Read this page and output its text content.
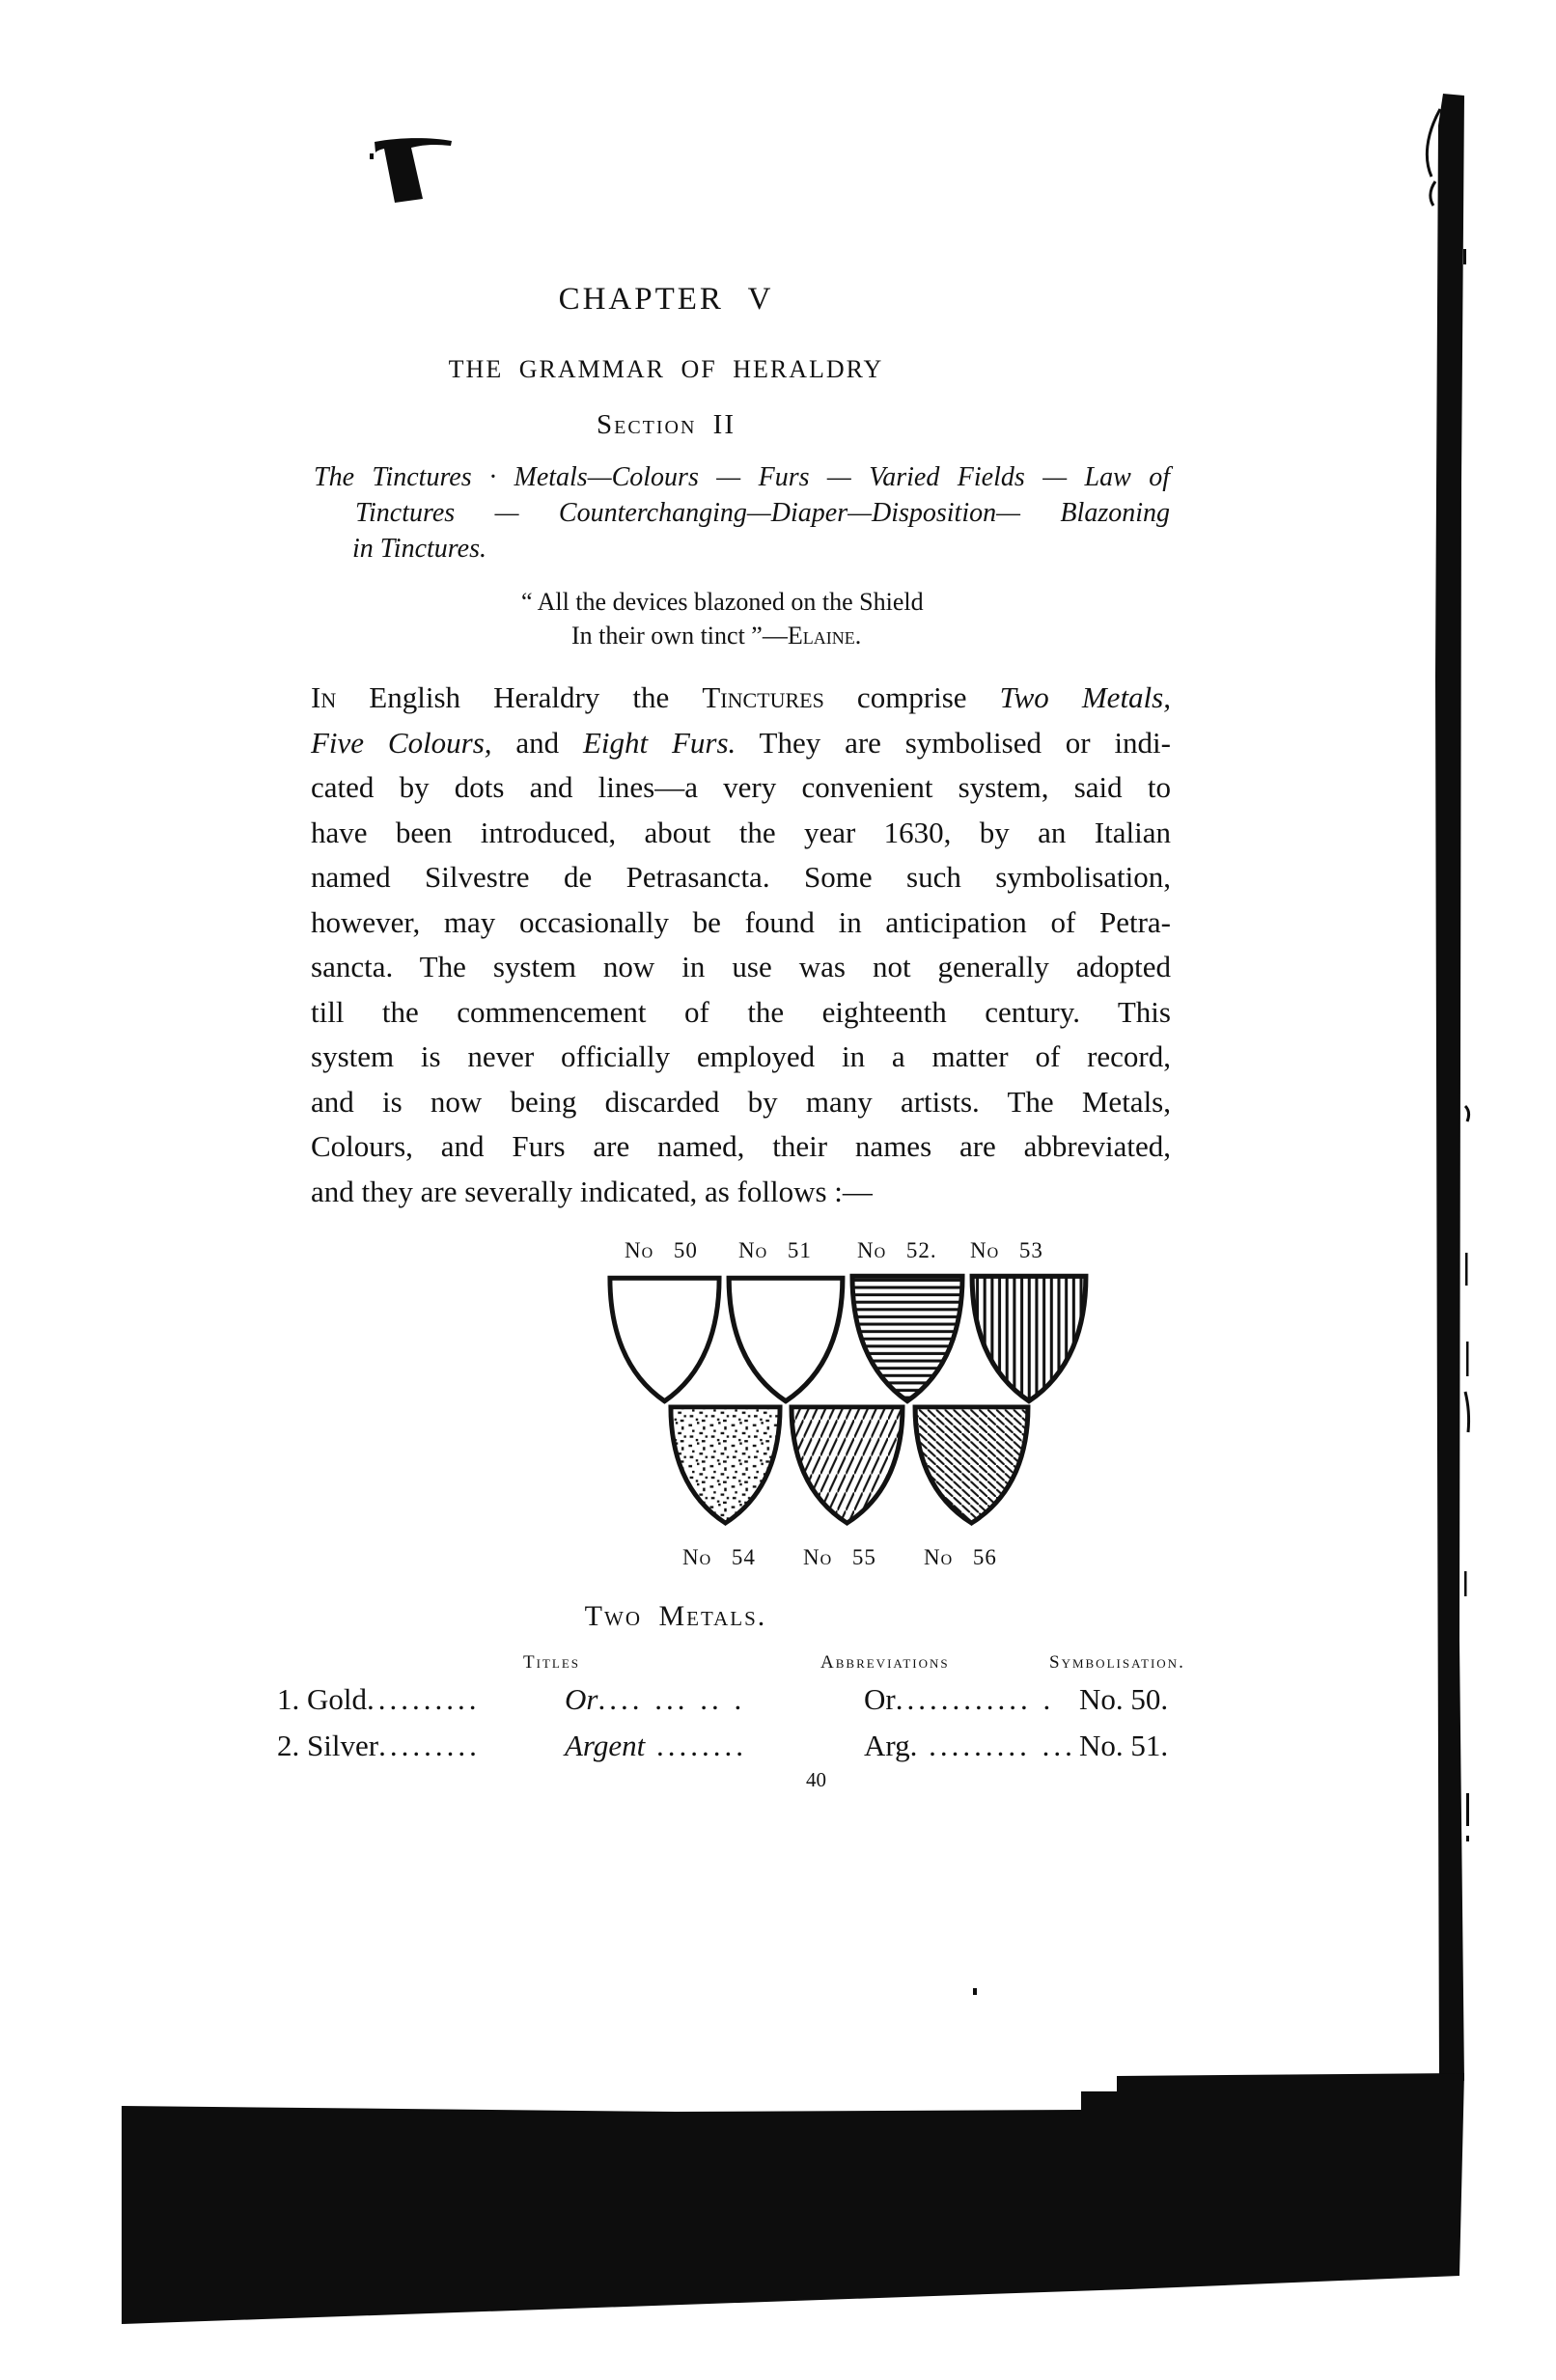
CHAPTER V
THE GRAMMAR OF HERALDRY
Section II
The Tinctures · Metals—Colours — Furs — Varied Fields — Law of
Tinctures — Counterchanging—Diaper—Disposition— Blazoning
in Tinctures.
“ All the devices blazoned on the Shield
In their own tinct ”—Elaine.
In English Heraldry the Tinctures comprise Two Metals,
Five Colours, and Eight Furs. They are symbolised or indi-
cated by dots and lines—a very convenient system, said to
have been introduced, about the year 1630, by an Italian
named Silvestre de Petrasancta. Some such symbolisation,
however, may occasionally be found in anticipation of Petra-
sancta. The system now in use was not generally adopted
till the commencement of the eighteenth century. This
system is never officially employed in a matter of record,
and is now being discarded by many artists. The Metals,
Colours, and Furs are named, their names are abbreviated,
and they are severally indicated, as follows :—
No 50 No 51 No 52. No 53
No 54 No 55 No 56
Two Metals.
Titles	Abbreviations	Symbolisation.
1. Gold..........	Or.... ... .. .	Or............ . No. 50.
2. Silver.........	Argent ........	Arg. ......... ... No. 51.
40
